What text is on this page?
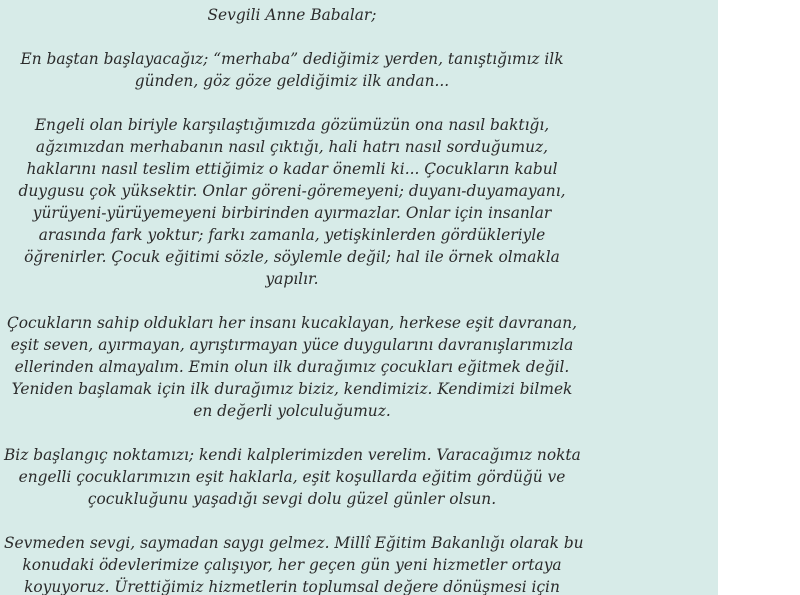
Sevgili Anne Babalar;

En baştan başlayacağız; “merhaba” dediğimiz yerden, tanıştığımız ilk
günden, göz göze geldiğimiz ilk andan...

Engeli olan biriyle karşılaştığımızda gözümüzün ona nasıl baktığı,
ağzımızdan merhabanın nasıl çıktığı, hali hatrı nasıl sorduğumuz,
haklarını nasıl teslim ettiğimiz o kadar önemli ki... Çocukların kabul
duygusu çok yüksektir. Onlar göreni-göremeyeni; duyanı-duyamayanı,
yürüyeni-yürüyemeyeni birbirinden ayırmazlar. Onlar için insanlar
arasında fark yoktur; farkı zamanla, yetişkinlerden gördükleriyle
öğrenirler. Çocuk eğitimi sözle, söylemle değil; hal ile örnek olmakla
yapılır.

Çocukların sahip oldukları her insanı kucaklayan, herkese eşit davranan,
eşit seven, ayırmayan, ayrıştırmayan yüce duygularını davranışlarımızla
ellerinden almayalım. Emin olun ilk durağımız çocukları eğitmek değil.
Yeniden başlamak için ilk durağımız biziz, kendimiziz. Kendimizi bilmek
en değerli yolculuğumuz.

Biz başlangıç noktamızı; kendi kalplerimizden verelim. Varacağımız nokta
engelli çocuklarımızın eşit haklarla, eşit koşullarda eğitim gördüğü ve
çocukluğunu yaşadığı sevgi dolu güzel günler olsun.

Sevmeden sevgi, saymadan saygı gelmez. Millî Eğitim Bakanlığı olarak bu
konudaki ödevlerimize çalışıyor, her geçen gün yeni hizmetler ortaya
koyuyoruz. Ürettiğimiz hizmetlerin toplumsal değere dönüşmesi için
